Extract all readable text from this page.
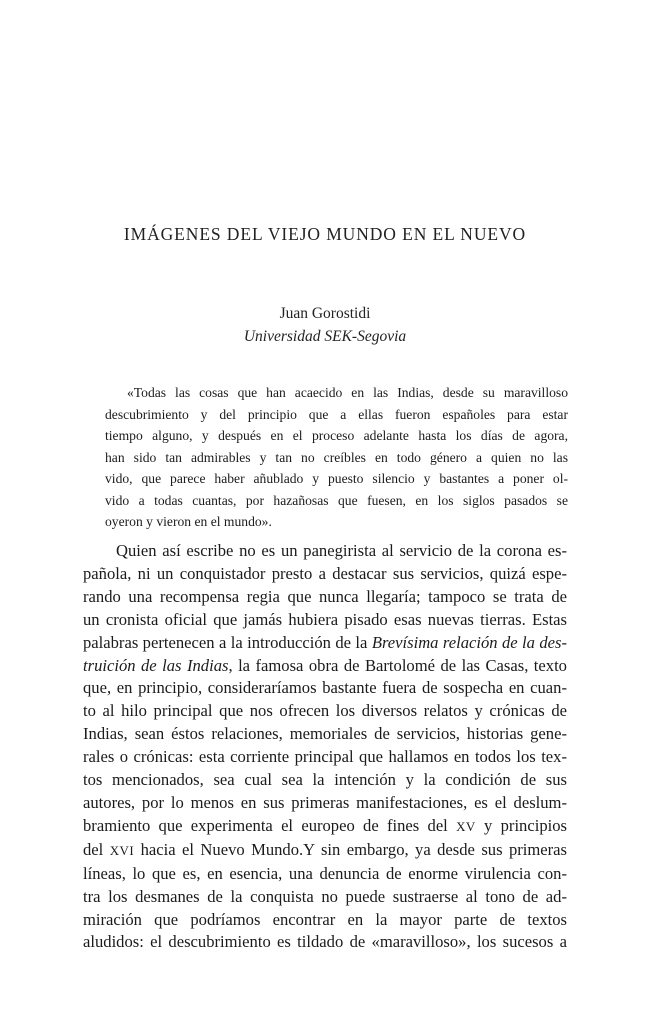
IMÁGENES DEL VIEJO MUNDO EN EL NUEVO
Juan Gorostidi
Universidad SEK-Segovia
«Todas las cosas que han acaecido en las Indias, desde su maravilloso
descubrimiento y del principio que a ellas fueron españoles para estar
tiempo alguno, y después en el proceso adelante hasta los días de agora,
han sido tan admirables y tan no creíbles en todo género a quien no las
vido, que parece haber añublado y puesto silencio y bastantes a poner ol-
vido a todas cuantas, por hazañosas que fuesen, en los siglos pasados se
oyeron y vieron en el mundo».
Quien así escribe no es un panegirista al servicio de la corona es-
pañola, ni un conquistador presto a destacar sus servicios, quizá espe-
rando una recompensa regia que nunca llegaría; tampoco se trata de
un cronista oficial que jamás hubiera pisado esas nuevas tierras. Estas
palabras pertenecen a la introducción de la Brevísima relación de la des-
truición de las Indias, la famosa obra de Bartolomé de las Casas, texto
que, en principio, consideraríamos bastante fuera de sospecha en cuan-
to al hilo principal que nos ofrecen los diversos relatos y crónicas de
Indias, sean éstos relaciones, memoriales de servicios, historias gene-
rales o crónicas: esta corriente principal que hallamos en todos los tex-
tos mencionados, sea cual sea la intención y la condición de sus
autores, por lo menos en sus primeras manifestaciones, es el deslum-
bramiento que experimenta el europeo de fines del XV y principios
del XVI hacia el Nuevo Mundo.Y sin embargo, ya desde sus primeras
líneas, lo que es, en esencia, una denuncia de enorme virulencia con-
tra los desmanes de la conquista no puede sustraerse al tono de ad-
miración que podríamos encontrar en la mayor parte de textos
aludidos: el descubrimiento es tildado de «maravilloso», los sucesos a
